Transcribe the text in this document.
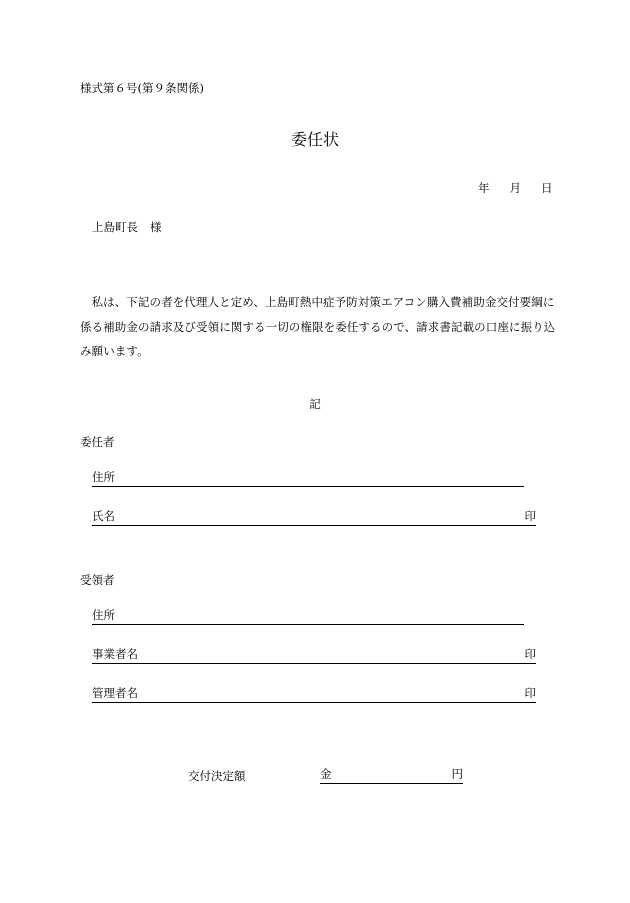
様式第６号(第９条関係)
委任状
年 月 日
上島町長 様
私は、下記の者を代理人と定め、上島町熱中症予防対策エアコン購入費補助金交付要綱に係る補助金の請求及び受領に関する一切の権限を委任するので、請求書記載の口座に振り込み願います。
記
委任者
住所
氏名	印
受領者
住所
事業者名	印
管理者名	印
交付決定額	金	円
